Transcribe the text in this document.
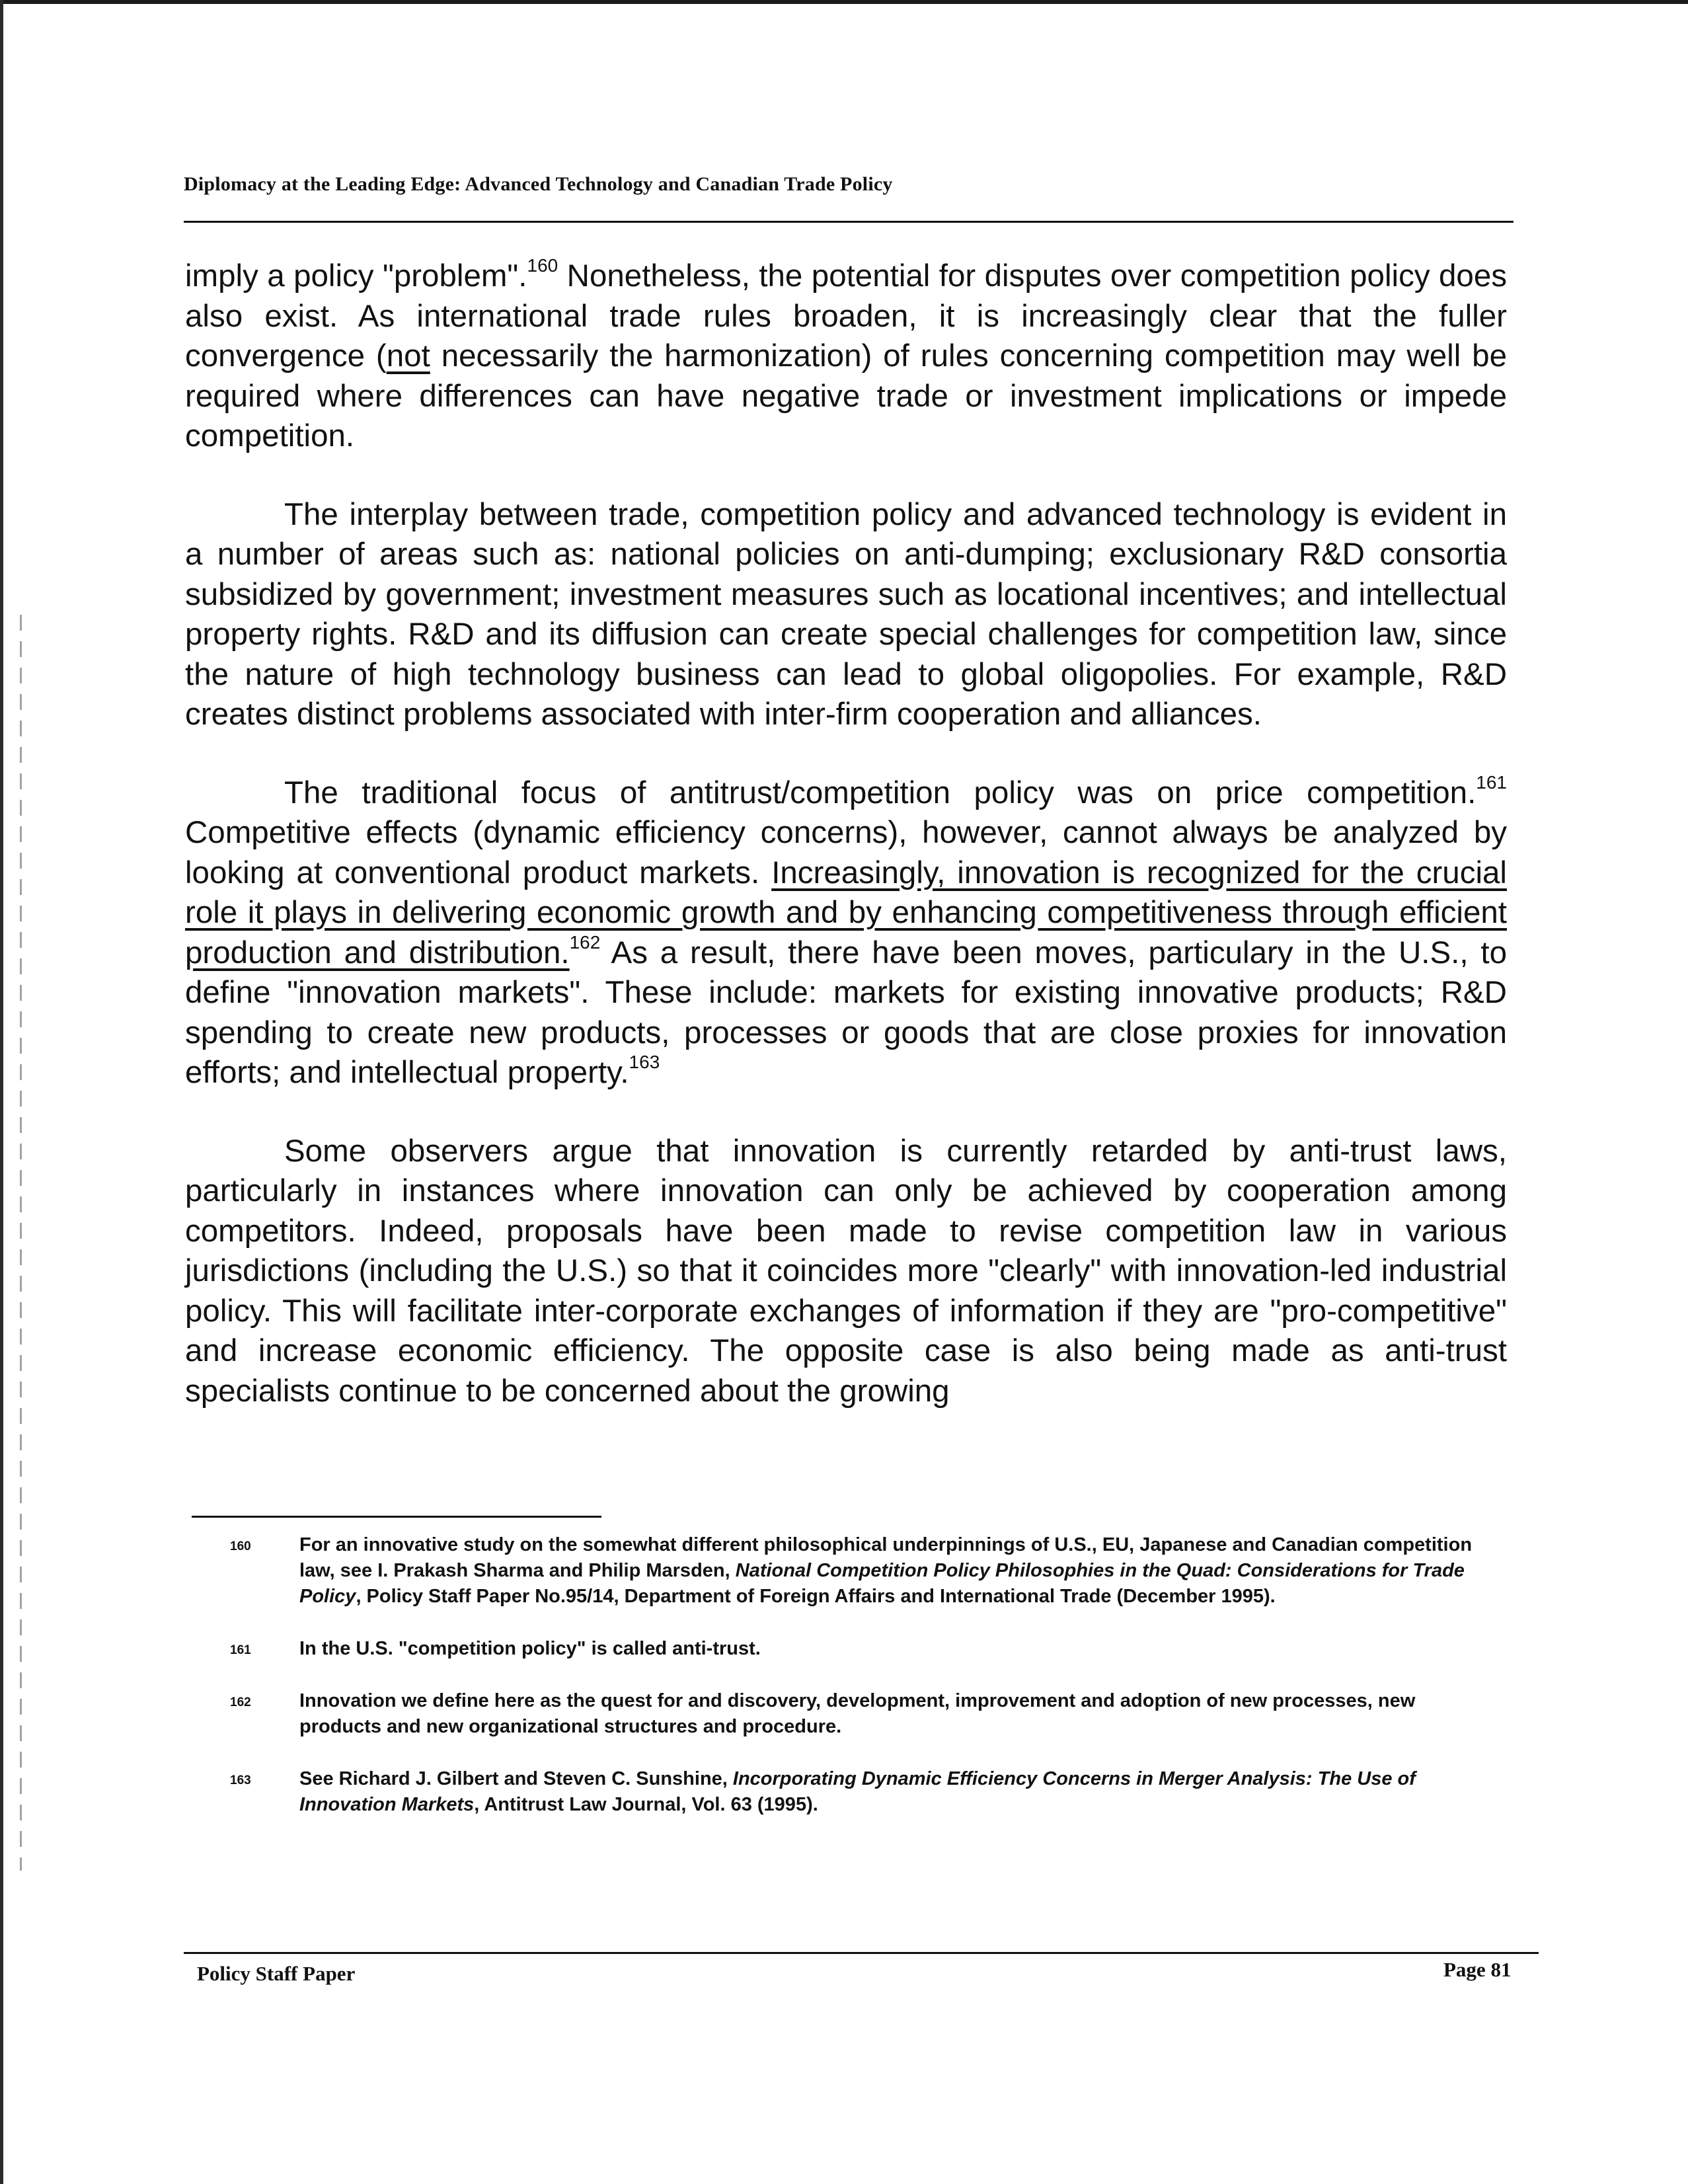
Diplomacy at the Leading Edge: Advanced Technology and Canadian Trade Policy

imply a policy "problem".$^{160}$ Nonetheless, the potential for disputes over competition policy does also exist. As international trade rules broaden, it is increasingly clear that the fuller convergence (not necessarily the harmonization) of rules concerning competition may well be required where differences can have negative trade or investment implications or impede competition.

The interplay between trade, competition policy and advanced technology is evident in a number of areas such as: national policies on anti-dumping; exclusionary R&D consortia subsidized by government; investment measures such as locational incentives; and intellectual property rights. R&D and its diffusion can create special challenges for competition law, since the nature of high technology business can lead to global oligopolies. For example, R&D creates distinct problems associated with inter-firm cooperation and alliances.

The traditional focus of antitrust/competition policy was on price competition.$^{161}$ Competitive effects (dynamic efficiency concerns), however, cannot always be analyzed by looking at conventional product markets. Increasingly, innovation is recognized for the crucial role it plays in delivering economic growth and by enhancing competitiveness through efficient production and distribution.$^{162}$ As a result, there have been moves, particulary in the U.S., to define "innovation markets". These include: markets for existing innovative products; R&D spending to create new products, processes or goods that are close proxies for innovation efforts; and intellectual property.$^{163}$

Some observers argue that innovation is currently retarded by anti-trust laws, particularly in instances where innovation can only be achieved by cooperation among competitors. Indeed, proposals have been made to revise competition law in various jurisdictions (including the U.S.) so that it coincides more "clearly" with innovation-led industrial policy. This will facilitate inter-corporate exchanges of information if they are "pro-competitive" and increase economic efficiency. The opposite case is also being made as anti-trust specialists continue to be concerned about the growing

160	For an innovative study on the somewhat different philosophical underpinnings of U.S., EU, Japanese and Canadian competition law, see I. Prakash Sharma and Philip Marsden, National Competition Policy Philosophies in the Quad: Considerations for Trade Policy, Policy Staff Paper No.95/14, Department of Foreign Affairs and International Trade (December 1995).
161	In the U.S. "competition policy" is called anti-trust.
162	Innovation we define here as the quest for and discovery, development, improvement and adoption of new processes, new products and new organizational structures and procedure.
163	See Richard J. Gilbert and Steven C. Sunshine, Incorporating Dynamic Efficiency Concerns in Merger Analysis: The Use of Innovation Markets, Antitrust Law Journal, Vol. 63 (1995).
Policy Staff Paper	Page 81
